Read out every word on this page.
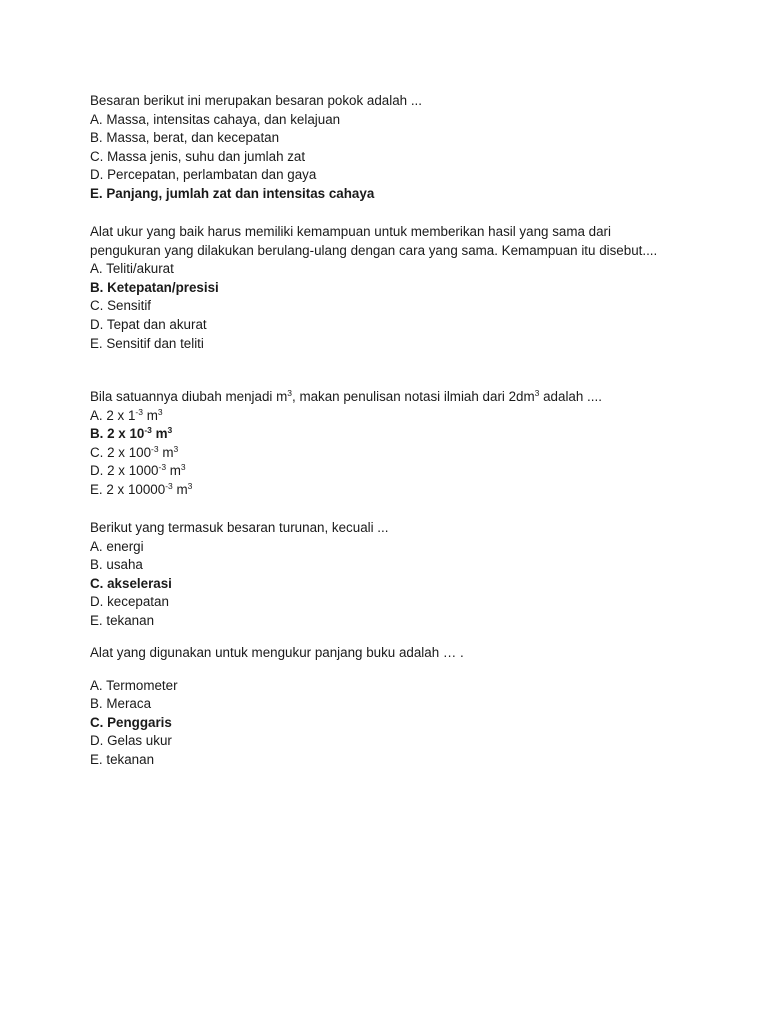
Besaran berikut ini merupakan besaran pokok adalah ...
A. Massa, intensitas cahaya, dan kelajuan
B. Massa, berat, dan kecepatan
C. Massa jenis, suhu dan jumlah zat
D. Percepatan, perlambatan dan gaya
E. Panjang, jumlah zat dan intensitas cahaya
Alat ukur yang baik harus memiliki kemampuan untuk memberikan hasil yang sama dari
pengukuran yang dilakukan berulang-ulang dengan cara yang sama. Kemampuan itu disebut....
A. Teliti/akurat
B. Ketepatan/presisi
C. Sensitif
D. Tepat dan akurat
E. Sensitif dan teliti
Bila satuannya diubah menjadi $m^3$, makan penulisan notasi ilmiah dari $2dm^3$ adalah ....
A. 2 x $1^{-3}$ $m^3$
B. 2 x $10^{-3}$ $m^3$
C. 2 x $100^{-3}$ $m^3$
D. 2 x $1000^{-3}$ $m^3$
E. 2 x $10000^{-3}$ $m^3$
Berikut yang termasuk besaran turunan, kecuali ...
A. energi
B. usaha
C. akselerasi
D. kecepatan
E. tekanan
Alat yang digunakan untuk mengukur panjang buku adalah … .
A. Termometer
B. Meraca
C. Penggaris
D. Gelas ukur
E. tekanan
